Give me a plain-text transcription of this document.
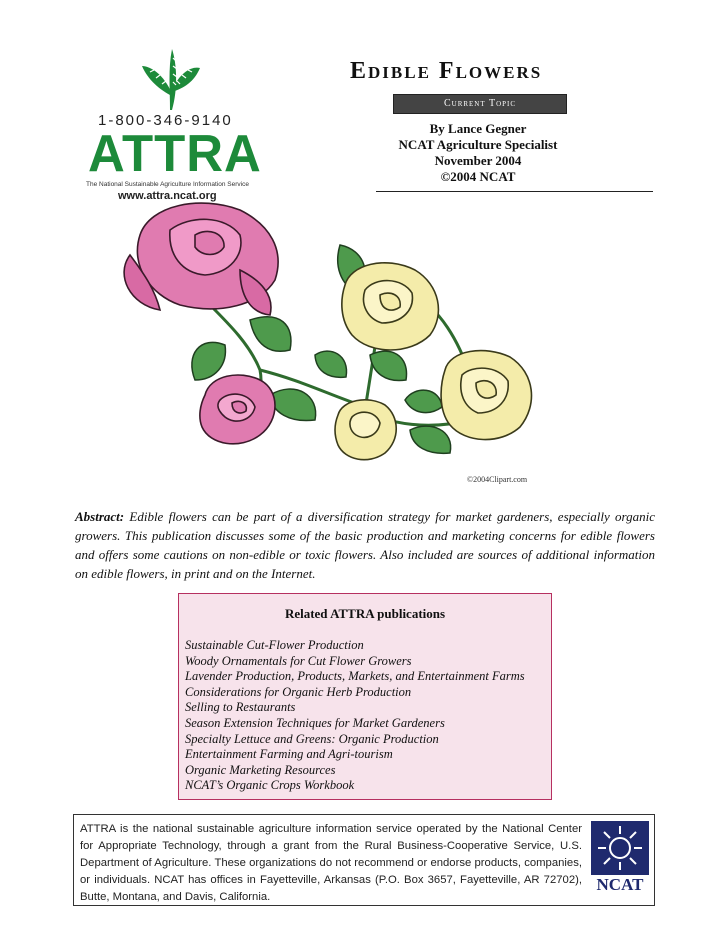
1-800-346-9140
ATTRA
The National Sustainable Agriculture Information Service
www.attra.ncat.org
Edible Flowers
Current Topic
By Lance Gegner
NCAT Agriculture Specialist
November 2004
©2004 NCAT
©2004Clipart.com
Abstract: Edible flowers can be part of a diversification strategy for market gardeners, especially organic growers. This publication discusses some of the basic production and marketing concerns for edible flowers and offers some cautions on non-edible or toxic flowers. Also included are sources of additional information on edible flowers, in print and on the Internet.
Related ATTRA publications
Sustainable Cut-Flower Production
Woody Ornamentals for Cut Flower Growers
Lavender Production, Products, Markets, and Entertainment Farms
Considerations for Organic Herb Production
Selling to Restaurants
Season Extension Techniques for Market Gardeners
Specialty Lettuce and Greens: Organic Production
Entertainment Farming and Agri-tourism
Organic Marketing Resources
NCAT’s Organic Crops Workbook

ATTRA is the national sustainable agriculture information service operated by the National Center for Appropriate Technology, through a grant from the Rural Business-Cooperative Service, U.S. Department of Agriculture. These organizations do not recommend or endorse products, companies, or individuals. NCAT has offices in Fayetteville, Arkansas (P.O. Box 3657, Fayetteville, AR 72702), Butte, Montana, and Davis, California.

NCAT
